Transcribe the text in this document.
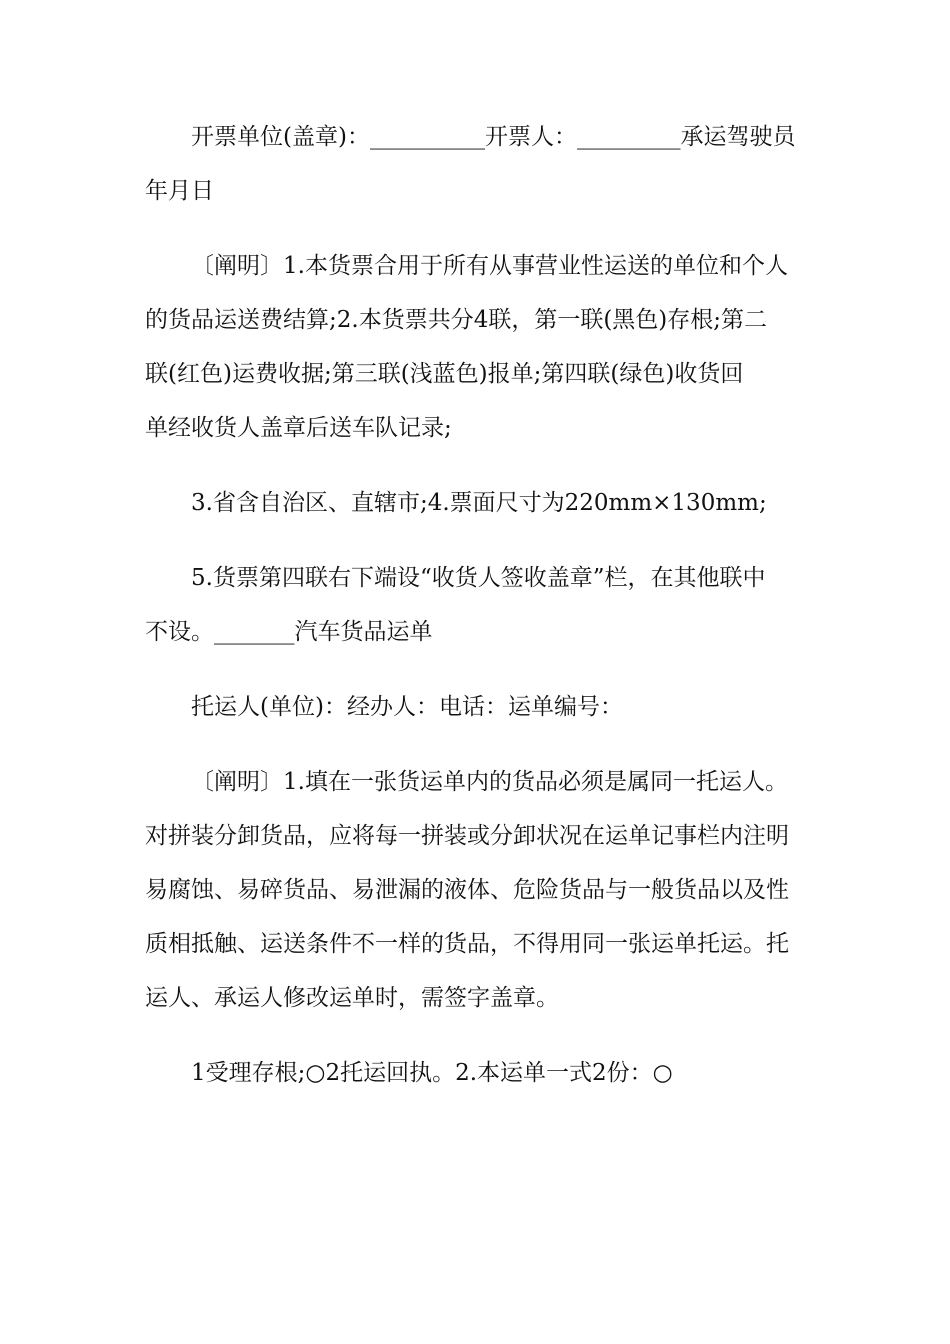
开票单位(盖章)：__________开票人：_________承运驾驶员
年月日

〔阐明〕1.本货票合用于所有从事营业性运送的单位和个人
的货品运送费结算;2.本货票共分4联，第一联(黑色)存根;第二
联(红色)运费收据;第三联(浅蓝色)报单;第四联(绿色)收货回
单经收货人盖章后送车队记录;

3.省含自治区、直辖市;4.票面尺寸为220mm×130mm;

5.货票第四联右下端设“收货人签收盖章”栏，在其他联中
不设。_______汽车货品运单

托运人(单位)：经办人：电话：运单编号：

〔阐明〕1.填在一张货运单内的货品必须是属同一托运人。
对拼装分卸货品，应将每一拼装或分卸状况在运单记事栏内注明
易腐蚀、易碎货品、易泄漏的液体、危险货品与一般货品以及性
质相抵触、运送条件不一样的货品，不得用同一张运单托运。托
运人、承运人修改运单时，需签字盖章。

1受理存根;○2托运回执。2.本运单一式2份：○
